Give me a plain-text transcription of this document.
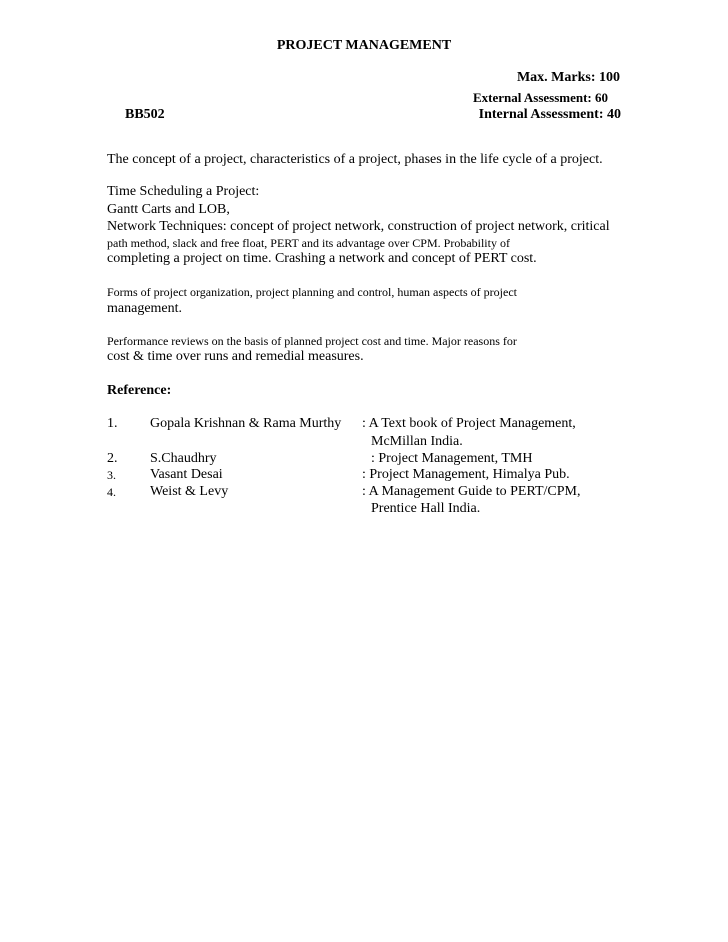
PROJECT MANAGEMENT
Max. Marks: 100
External Assessment: 60
BB502	Internal Assessment: 40
The concept of a project, characteristics of a project, phases in the life cycle of a project.
Time Scheduling a Project:
Gantt Carts and LOB,
Network Techniques: concept of project network, construction of project network, critical
path method, slack and free float, PERT and its advantage over CPM. Probability of
completing a project on time. Crashing a network and concept of PERT cost.
Forms of project organization, project planning and control, human aspects of project
management.
Performance reviews on the basis of planned project cost and time. Major reasons for
cost & time over runs and remedial measures.
Reference:
1. Gopala Krishnan & Rama Murthy : A Text book of Project Management,
McMillan India.
2. S.Chaudhry	: Project Management, TMH
3. Vasant Desai	: Project Management, Himalya Pub.
4. Weist & Levy	: A Management Guide to PERT/CPM,
Prentice Hall India.
